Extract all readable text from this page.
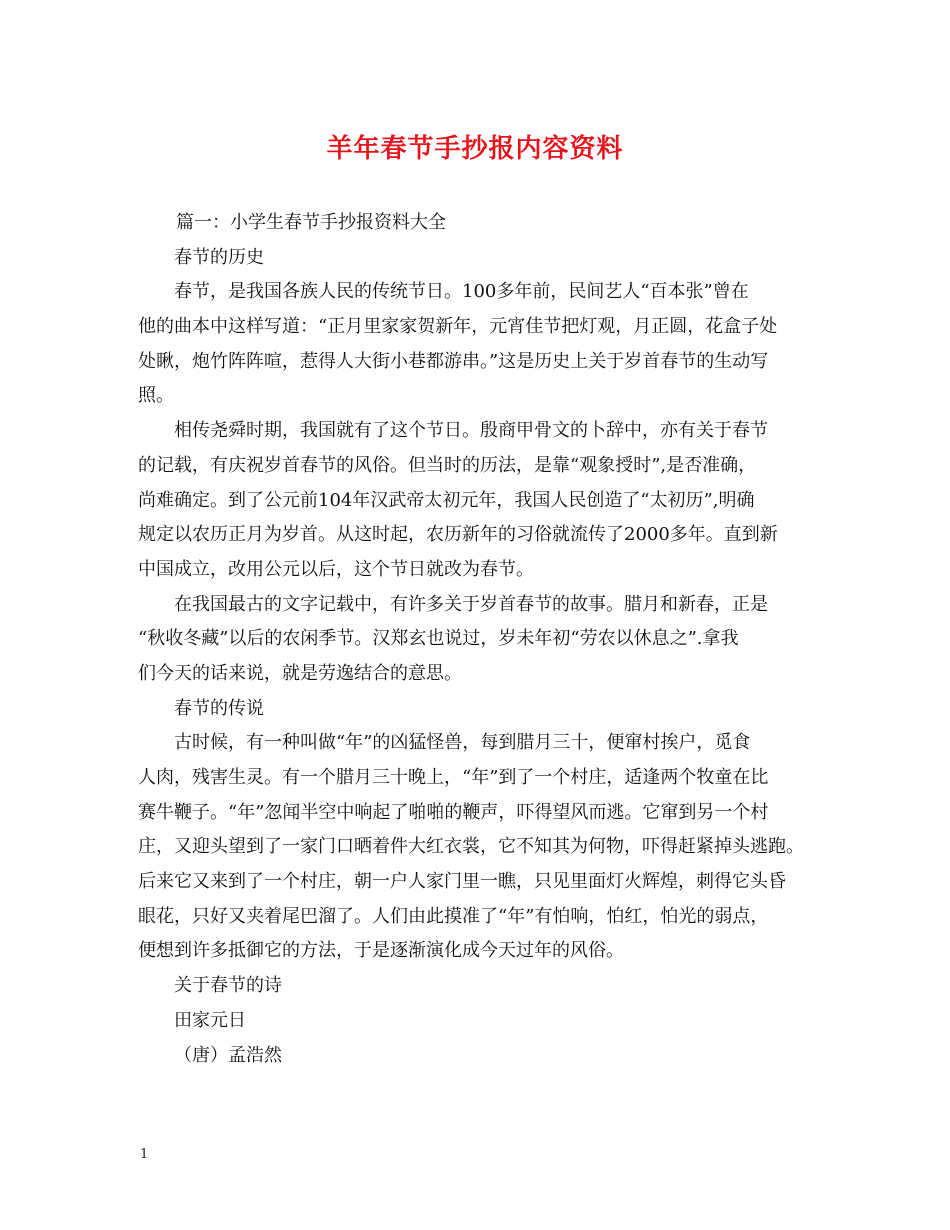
羊年春节手抄报内容资料
篇一：小学生春节手抄报资料大全
春节的历史
春节，是我国各族人民的传统节日。100多年前，民间艺人“百本张”曾在
他的曲本中这样写道：“正月里家家贺新年，元宵佳节把灯观，月正圆，花盒子处
处瞅，炮竹阵阵喧，惹得人大街小巷都游串。”这是历史上关于岁首春节的生动写
照。
相传尧舜时期，我国就有了这个节日。殷商甲骨文的卜辞中，亦有关于春节
的记载，有庆祝岁首春节的风俗。但当时的历法，是靠“观象授时”,是否准确，
尚难确定。到了公元前104年汉武帝太初元年，我国人民创造了“太初历”,明确
规定以农历正月为岁首。从这时起，农历新年的习俗就流传了2000多年。直到新
中国成立，改用公元以后，这个节日就改为春节。
在我国最古的文字记载中，有许多关于岁首春节的故事。腊月和新春，正是
“秋收冬藏”以后的农闲季节。汉郑玄也说过，岁未年初“劳农以休息之”.拿我
们今天的话来说，就是劳逸结合的意思。
春节的传说
古时候，有一种叫做“年”的凶猛怪兽，每到腊月三十，便窜村挨户，觅食
人肉，残害生灵。有一个腊月三十晚上，“年”到了一个村庄，适逢两个牧童在比
赛牛鞭子。“年”忽闻半空中响起了啪啪的鞭声，吓得望风而逃。它窜到另一个村
庄，又迎头望到了一家门口晒着件大红衣裳，它不知其为何物，吓得赶紧掉头逃跑。
后来它又来到了一个村庄，朝一户人家门里一瞧，只见里面灯火辉煌，刺得它头昏
眼花，只好又夹着尾巴溜了。人们由此摸准了“年”有怕响，怕红，怕光的弱点，
便想到许多抵御它的方法，于是逐渐演化成今天过年的风俗。
关于春节的诗
田家元日
（唐）孟浩然
1
